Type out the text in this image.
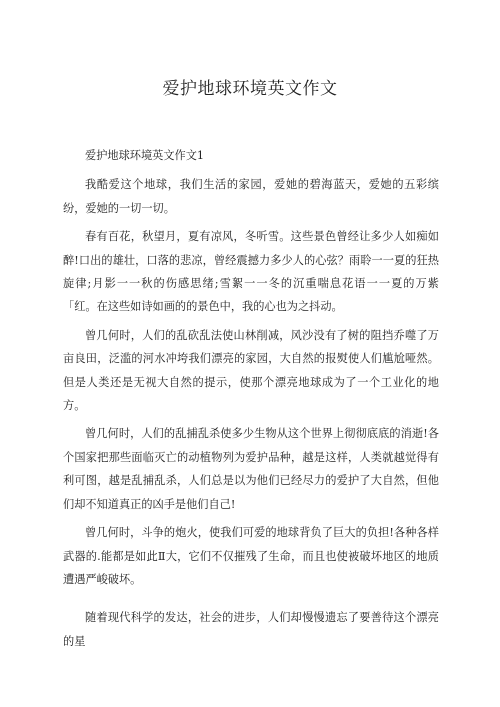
爱护地球环境英文作文

爱护地球环境英文作文1

我酷爱这个地球，我们生活的家园，爱她的碧海蓝天，爱她的五彩缤纷，爱她的一切一切。

春有百花，秋望月，夏有凉风，冬听雪。这些景色曾经让多少人如痴如醉!口出的雄壮，口落的悲凉，曾经震撼力多少人的心弦？雨聆一一夏的狂热旋律;月影一一秋的伤感思绪;雪絮一一冬的沉重喘息花语一一夏的万紫「红。在这些如诗如画的的景色中，我的心也为之抖动。

曾几何时，人们的乱砍乱法使山林削减，风沙没有了树的阻挡乔噬了万亩良田，泛滥的河水冲垮我们漂亮的家园，大自然的报熨使人们尴尬哑然。但是人类还是无视大自然的提示，使那个漂亮地球成为了一个工业化的地方。

曾几何时，人们的乱捕乱杀使多少生物从这个世界上彻彻底底的消逝!各个国家把那些面临灭亡的动植物列为爱护品种，越是这样，人类就越觉得有利可图，越是乱捕乱杀，人们总是以为他们已经尽力的爱护了大自然，但他们却不知道真正的凶手是他们自己!

曾几何时，斗争的炮火，使我们可爱的地球背负了巨大的负担!各种各样武器的.能都是如此Ⅱ大，它们不仅摧残了生命，而且也使被破坏地区的地质遭遇严峻破坏。

随着现代科学的发达，社会的进步，人们却慢慢遗忘了要善待这个漂亮的星
